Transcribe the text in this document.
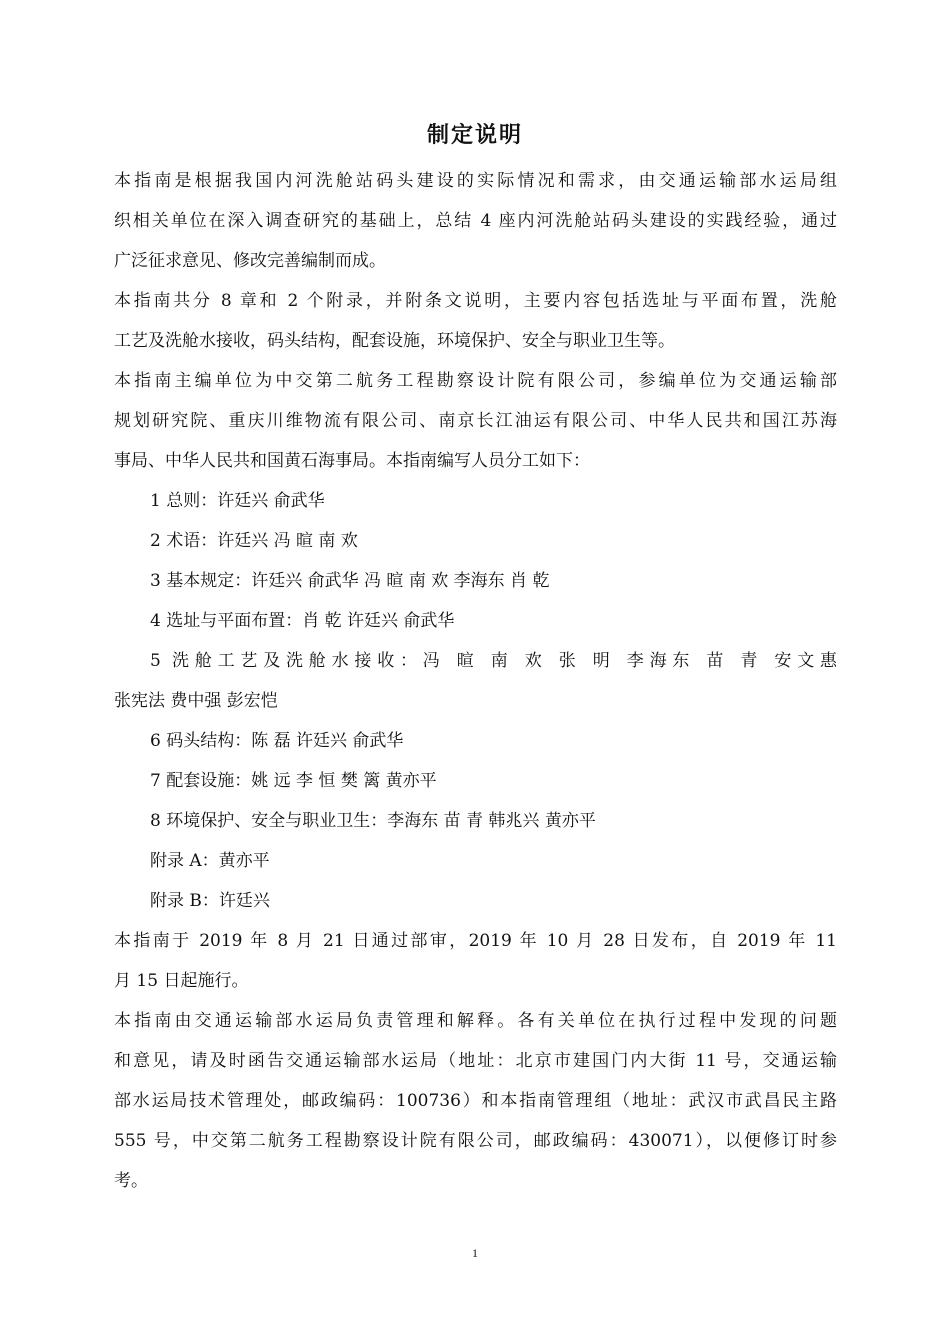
制定说明
本指南是根据我国内河洗舱站码头建设的实际情况和需求，由交通运输部水运局组
织相关单位在深入调查研究的基础上，总结 4 座内河洗舱站码头建设的实践经验，通过
广泛征求意见、修改完善编制而成。
本指南共分 8 章和 2 个附录，并附条文说明，主要内容包括选址与平面布置，洗舱
工艺及洗舱水接收，码头结构，配套设施，环境保护、安全与职业卫生等。
本指南主编单位为中交第二航务工程勘察设计院有限公司，参编单位为交通运输部
规划研究院、重庆川维物流有限公司、南京长江油运有限公司、中华人民共和国江苏海
事局、中华人民共和国黄石海事局。本指南编写人员分工如下：
1 总则：许廷兴 俞武华
2 术语：许廷兴 冯 暄 南 欢
3 基本规定：许廷兴 俞武华 冯 暄 南 欢 李海东 肖 乾
4 选址与平面布置：肖 乾 许廷兴 俞武华
5 洗舱工艺及洗舱水接收：冯 暄 南 欢 张 明 李海东 苗 青 安文惠
张宪法 费中强 彭宏恺
6 码头结构：陈 磊 许廷兴 俞武华
7 配套设施：姚 远 李 恒 樊 篱 黄亦平
8 环境保护、安全与职业卫生：李海东 苗 青 韩兆兴 黄亦平
附录 A：黄亦平
附录 B：许廷兴
本指南于 2019 年 8 月 21 日通过部审，2019 年 10 月 28 日发布，自 2019 年 11
月 15 日起施行。
本指南由交通运输部水运局负责管理和解释。各有关单位在执行过程中发现的问题
和意见，请及时函告交通运输部水运局（地址：北京市建国门内大街 11 号，交通运输
部水运局技术管理处，邮政编码：100736）和本指南管理组（地址：武汉市武昌民主路
555 号，中交第二航务工程勘察设计院有限公司，邮政编码：430071），以便修订时参
考。
1
